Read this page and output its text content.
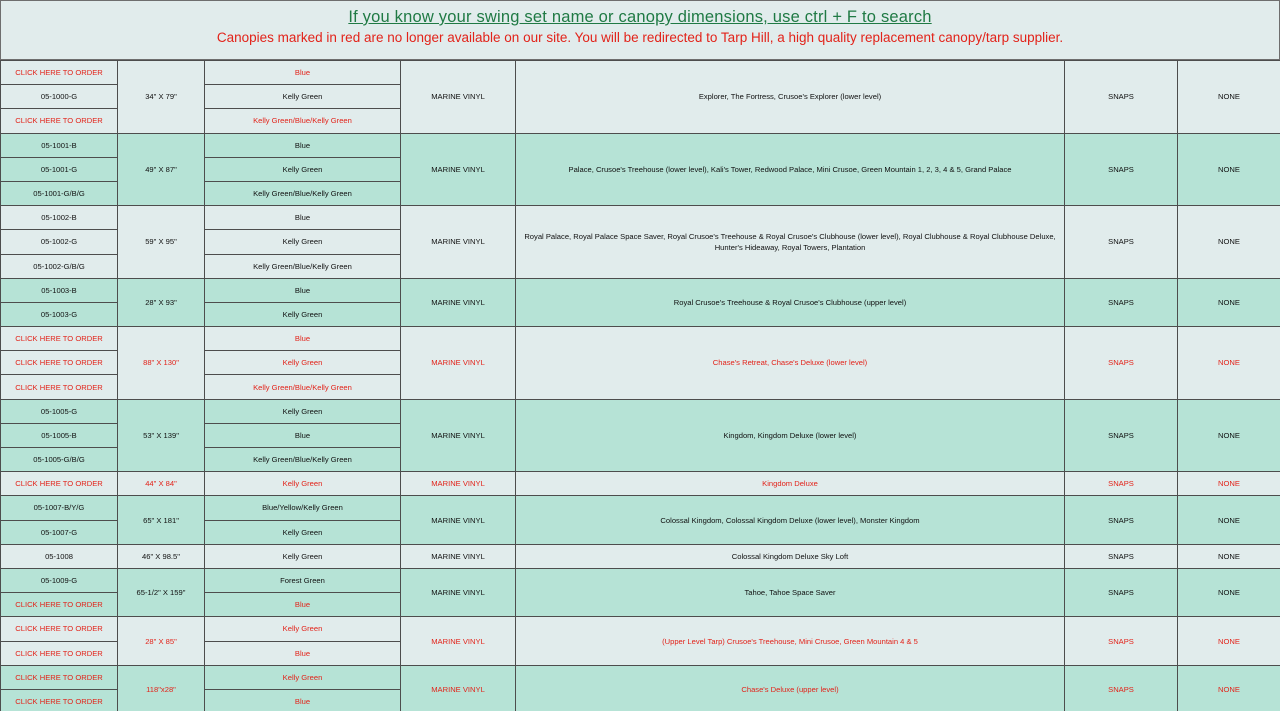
If you know your swing set name or canopy dimensions, use ctrl + F to search
Canopies marked in red are no longer available on our site. You will be redirected to Tarp Hill, a high quality replacement canopy/tarp supplier.
CLICK HERE TO ORDER	34" X 79"	Blue	MARINE VINYL	Explorer, The Fortress, Crusoe's Explorer (lower level)	SNAPS	NONE
05-1000-G		Kelly Green				
CLICK HERE TO ORDER		Kelly Green/Blue/Kelly Green				
05-1001-B	49" X 87"	Blue	MARINE VINYL	Palace, Crusoe's Treehouse (lower level), Kali's Tower, Redwood Palace, Mini Crusoe, Green Mountain 1, 2, 3, 4 & 5, Grand Palace	SNAPS	NONE
05-1001-G		Kelly Green				
05-1001-G/B/G		Kelly Green/Blue/Kelly Green				
05-1002-B	59" X 95"	Blue	MARINE VINYL	Royal Palace, Royal Palace Space Saver, Royal Crusoe's Treehouse & Royal Crusoe's Clubhouse (lower level), Royal Clubhouse & Royal Clubhouse Deluxe, Hunter's Hideaway, Royal Towers, Plantation	SNAPS	NONE
05-1002-G		Kelly Green				
05-1002-G/B/G		Kelly Green/Blue/Kelly Green				
05-1003-B	28" X 93"	Blue	MARINE VINYL	Royal Crusoe's Treehouse & Royal Crusoe's Clubhouse (upper level)	SNAPS	NONE
05-1003-G		Kelly Green				
CLICK HERE TO ORDER	88" X 130"	Blue	MARINE VINYL	Chase's Retreat, Chase's Deluxe (lower level)	SNAPS	NONE
CLICK HERE TO ORDER		Kelly Green				
CLICK HERE TO ORDER		Kelly Green/Blue/Kelly Green				
05-1005-G	53" X 139"	Kelly Green	MARINE VINYL	Kingdom, Kingdom Deluxe (lower level)	SNAPS	NONE
05-1005-B		Blue				
05-1005-G/B/G		Kelly Green/Blue/Kelly Green				
CLICK HERE TO ORDER	44" X 84"	Kelly Green	MARINE VINYL	Kingdom Deluxe	SNAPS	NONE
05-1007-B/Y/G	65" X 181"	Blue/Yellow/Kelly Green	MARINE VINYL	Colossal Kingdom, Colossal Kingdom Deluxe (lower level), Monster Kingdom	SNAPS	NONE
05-1007-G		Kelly Green				
05-1008	46" X 98.5"	Kelly Green	MARINE VINYL	Colossal Kingdom Deluxe Sky Loft	SNAPS	NONE
05-1009-G	65-1/2" X 159"	Forest Green	MARINE VINYL	Tahoe, Tahoe Space Saver	SNAPS	NONE
CLICK HERE TO ORDER		Blue				
CLICK HERE TO ORDER	28" X 85"	Kelly Green	MARINE VINYL	(Upper Level Tarp) Crusoe's Treehouse, Mini Crusoe, Green Mountain 4 & 5	SNAPS	NONE
CLICK HERE TO ORDER		Blue				
CLICK HERE TO ORDER	118"x28"	Kelly Green	MARINE VINYL	Chase's Deluxe (upper level)	SNAPS	NONE
CLICK HERE TO ORDER		Blue				
